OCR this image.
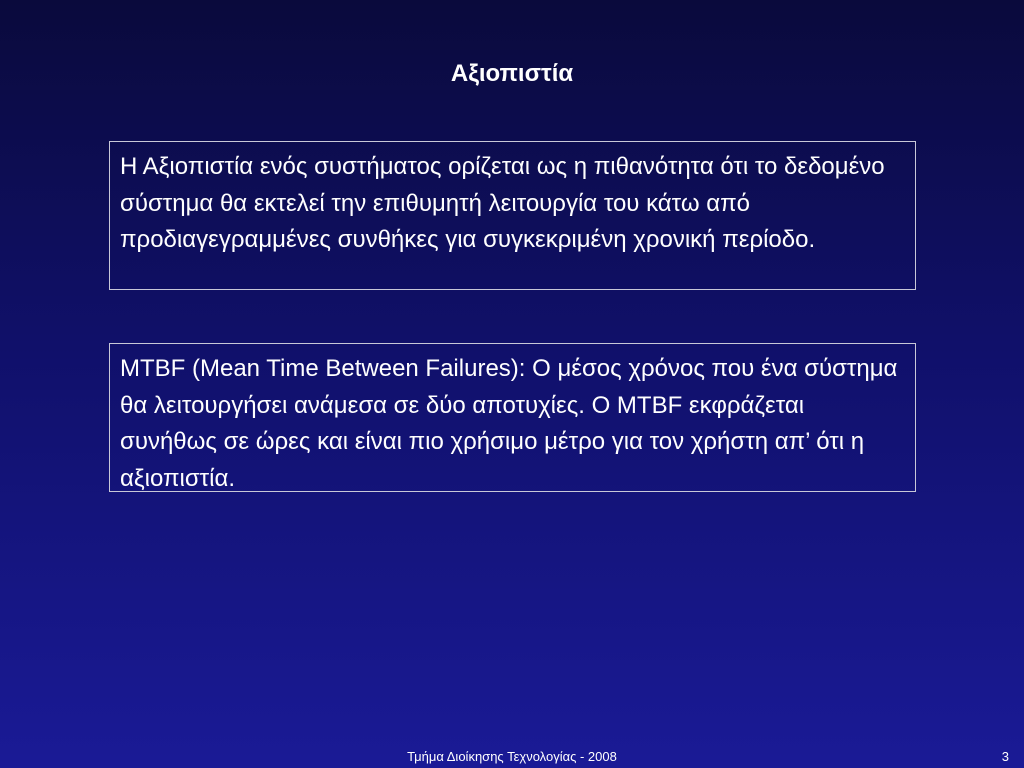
Αξιοπιστία
Η Αξιοπιστία ενός συστήματος ορίζεται ως η πιθανότητα ότι το δεδομένο σύστημα θα εκτελεί την επιθυμητή λειτουργία του κάτω από προδιαγεγραμμένες συνθήκες για συγκεκριμένη χρονική περίοδο.
MTBF (Mean Time Between Failures): O μέσος χρόνος που ένα σύστημα θα λειτουργήσει ανάμεσα σε δύο αποτυχίες. Ο MTBF εκφράζεται συνήθως σε ώρες και είναι πιο χρήσιμο μέτρο για τον χρήστη απ’ ότι η αξιοπιστία.
Τμήμα Διοίκησης Τεχνολογίας - 2008	3
